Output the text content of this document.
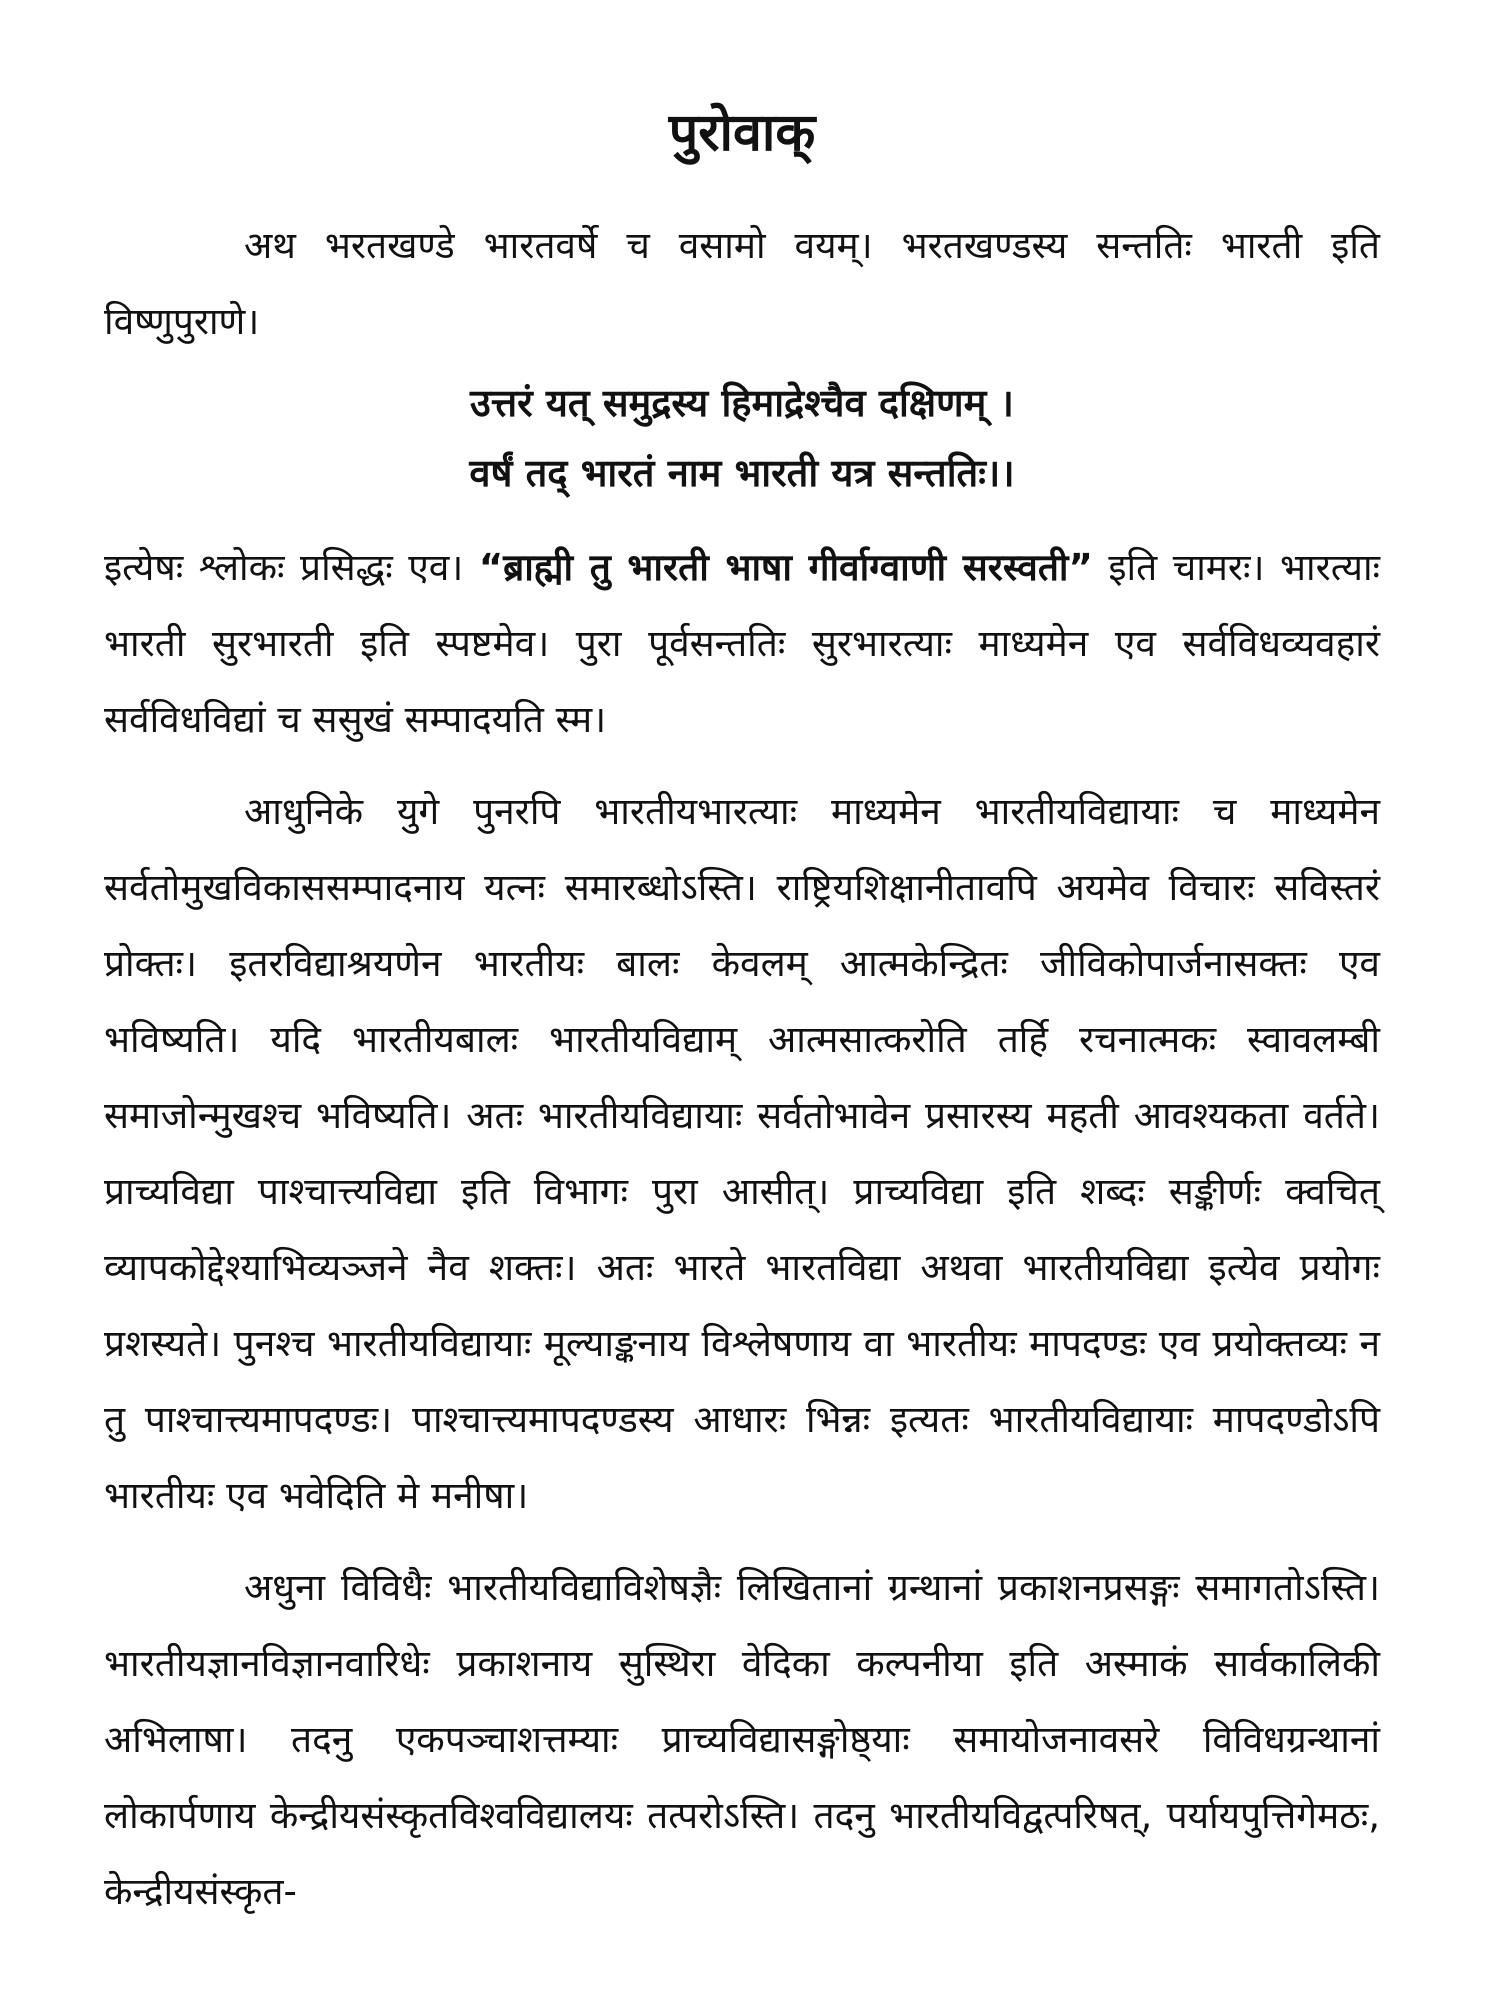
पुरोवाक्

अथ भरतखण्डे भारतवर्षे च वसामो वयम्। भरतखण्डस्य सन्ततिः भारती इति विष्णुपुराणे।

उत्तरं यत् समुद्रस्य हिमाद्रेश्चैव दक्षिणम् ।
वर्षं तद् भारतं नाम भारती यत्र सन्ततिः।।

इत्येषः श्लोकः प्रसिद्धः एव। “ब्राह्मी तु भारती भाषा गीर्वाग्वाणी सरस्वती” इति चामरः। भारत्याः भारती सुरभारती इति स्पष्टमेव। पुरा पूर्वसन्ततिः सुरभारत्याः माध्यमेन एव सर्वविधव्यवहारं सर्वविधविद्यां च ससुखं सम्पादयति स्म।

आधुनिके युगे पुनरपि भारतीयभारत्याः माध्यमेन भारतीयविद्यायाः च माध्यमेन सर्वतोमुखविकाससम्पादनाय यत्नः समारब्धोऽस्ति। राष्ट्रियशिक्षानीतावपि अयमेव विचारः सविस्तरं प्रोक्तः। इतरविद्याश्रयणेन भारतीयः बालः केवलम् आत्मकेन्द्रितः जीविकोपार्जनासक्तः एव भविष्यति। यदि भारतीयबालः भारतीयविद्याम् आत्मसात्करोति तर्हि रचनात्मकः स्वावलम्बी समाजोन्मुखश्च भविष्यति। अतः भारतीयविद्यायाः सर्वतोभावेन प्रसारस्य महती आवश्यकता वर्तते। प्राच्यविद्या पाश्चात्त्यविद्या इति विभागः पुरा आसीत्। प्राच्यविद्या इति शब्दः सङ्कीर्णः क्वचित् व्यापकोद्देश्याभिव्यञ्जने नैव शक्तः। अतः भारते भारतविद्या अथवा भारतीयविद्या इत्येव प्रयोगः प्रशस्यते। पुनश्च भारतीयविद्यायाः मूल्याङ्कनाय विश्लेषणाय वा भारतीयः मापदण्डः एव प्रयोक्तव्यः न तु पाश्चात्त्यमापदण्डः। पाश्चात्त्यमापदण्डस्य आधारः भिन्नः इत्यतः भारतीयविद्यायाः मापदण्डोऽपि भारतीयः एव भवेदिति मे मनीषा।

अधुना विविधैः भारतीयविद्याविशेषज्ञैः लिखितानां ग्रन्थानां प्रकाशनप्रसङ्गः समागतोऽस्ति। भारतीयज्ञानविज्ञानवारिधेः प्रकाशनाय सुस्थिरा वेदिका कल्पनीया इति अस्माकं सार्वकालिकी अभिलाषा। तदनु एकपञ्चाशत्तम्याः प्राच्यविद्यासङ्गोष्ठ्याः समायोजनावसरे विविधग्रन्थानां लोकार्पणाय केन्द्रीयसंस्कृतविश्वविद्यालयः तत्परोऽस्ति। तदनु भारतीयविद्वत्परिषत्, पर्यायपुत्तिगेमठः, केन्द्रीयसंस्कृत-
